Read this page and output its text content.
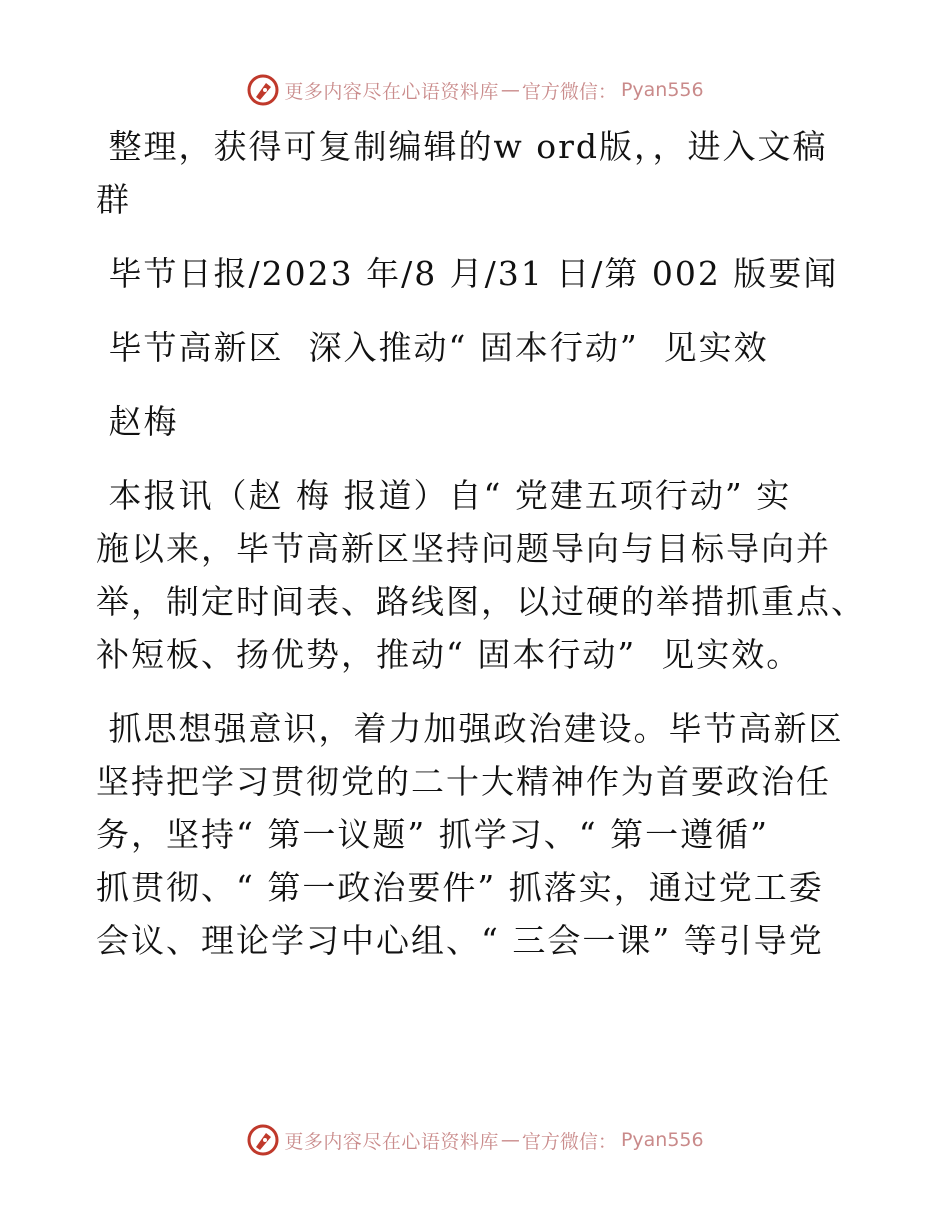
更多内容尽在心语资料库 — 官方微信： Pyan556

整理，获得可复制编辑的w ord版，，进入文稿

群

毕节日报/2023 年/8 月/31 日/第 002 版要闻

毕节高新区  深入推动“ 固本行动”  见实效

赵梅

本报讯（赵 梅 报道）自“ 党建五项行动” 实

施以来，毕节高新区坚持问题导向与目标导向并

举，制定时间表、路线图，以过硬的举措抓重点、

补短板、扬优势，推动“ 固本行动”  见实效。

抓思想强意识，着力加强政治建设。毕节高新区

坚持把学习贯彻党的二十大精神作为首要政治任

务，坚持“ 第一议题” 抓学习、“ 第一遵循”

抓贯彻、“ 第一政治要件” 抓落实，通过党工委

会议、理论学习中心组、“ 三会一课” 等引导党

更多内容尽在心语资料库 — 官方微信： Pyan556
